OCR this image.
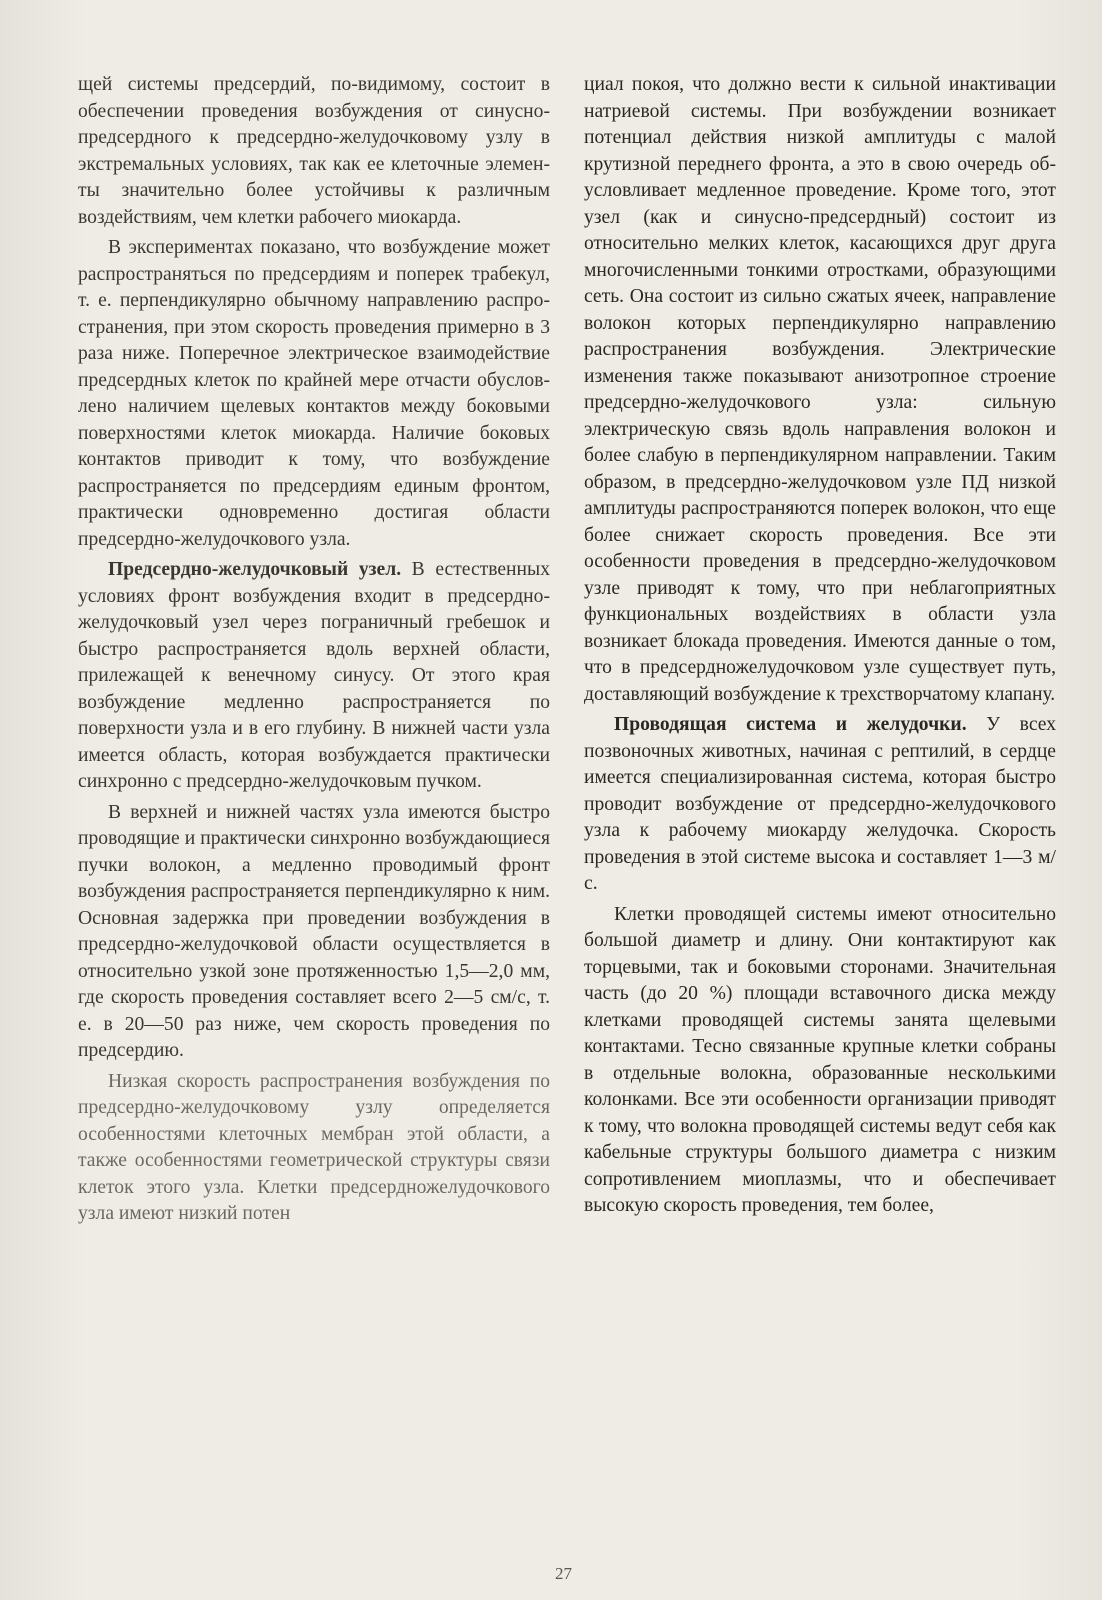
щей системы предсердий, по-видимому, состоит в обеспечении проведения возбуждения от синусно-предсердного к предсердно-желудочковому узлу в экстремальных условиях, так как ее клеточные элементы значительно более устойчивы к различным воздействиям, чем клетки рабочего миокарда.

В экспериментах показано, что возбуждение может распространяться по предсердиям и поперек трабекул, т. е. перпендикулярно обычному направлению распространения, при этом скорость проведения примерно в 3 раза ниже. Поперечное электрическое взаимодействие предсердных клеток по крайней мере отчасти обусловлено наличием щелевых контактов между боковыми поверхностями клеток миокарда. Наличие боковых контактов приводит к тому, что возбуждение распространяется по предсердиям единым фронтом, практически одновременно достигая области предсердно-желудочкового узла.

Предсердно-желудочковый узел. В естественных условиях фронт возбуждения входит в предсердно-желудочковый узел через пограничный гребешок и быстро распространяется вдоль верхней области, прилежащей к венечному синусу. От этого края возбуждение медленно распространяется по поверхности узла и в его глубину. В нижней части узла имеется область, которая возбуждается практически синхронно с предсердно-желудочковым пучком.

В верхней и нижней частях узла имеются быстро проводящие и практически синхронно возбуждающиеся пучки волокон, а медленно проводимый фронт возбуждения распространяется перпендикулярно к ним. Основная задержка при проведении возбуждения в предсердно-желудочковой области осуществляется в относительно узкой зоне протяженностью 1,5—2,0 мм, где скорость проведения составляет всего 2—5 см/с, т. е. в 20—50 раз ниже, чем скорость проведения по предсердию.

Низкая скорость распространения возбуждения по предсердно-желудочковому узлу определяется особенностями клеточных мембран этой области, а также особенностями геометрической структуры связи клеток этого узла. Клетки предсердножелудочкового узла имеют низкий потен

циал покоя, что должно вести к сильной инактивации натриевой системы. При возбуждении возникает потенциал действия низкой амплитуды с малой крутизной переднего фронта, а это в свою очередь обусловливает медленное проведение. Кроме того, этот узел (как и синусно-предсердный) состоит из относительно мелких клеток, касающихся друг друга многочисленными тонкими отростками, образующими сеть. Она состоит из сильно сжатых ячеек, направление волокон которых перпендикулярно направлению распространения возбуждения. Электрические изменения также показывают анизотропное строение предсердно-желудочкового узла: сильную электрическую связь вдоль направления волокон и более слабую в перпендикулярном направлении. Таким образом, в предсердно-желудочковом узле ПД низкой амплитуды распространяются поперек волокон, что еще более снижает скорость проведения. Все эти особенности проведения в предсердно-желудочковом узле приводят к тому, что при неблагоприятных функциональных воздействиях в области узла возникает блокада проведения. Имеются данные о том, что в предсердножелудочковом узле существует путь, доставляющий возбуждение к трехстворчатому клапану.

Проводящая система и желудочки. У всех позвоночных животных, начиная с рептилий, в сердце имеется специализированная система, которая быстро проводит возбуждение от предсердно-желудочкового узла к рабочему миокарду желудочка. Скорость проведения в этой системе высока и составляет 1—3 м/с.

Клетки проводящей системы имеют относительно большой диаметр и длину. Они контактируют как торцевыми, так и боковыми сторонами. Значительная часть (до 20 %) площади вставочного диска между клетками проводящей системы занята щелевыми контактами. Тесно связанные крупные клетки собраны в отдельные волокна, образованные несколькими колонками. Все эти особенности организации приводят к тому, что волокна проводящей системы ведут себя как кабельные структуры большого диаметра с низким сопротивлением миоплазмы, что и обеспечивает высокую скорость проведения, тем более,

27
